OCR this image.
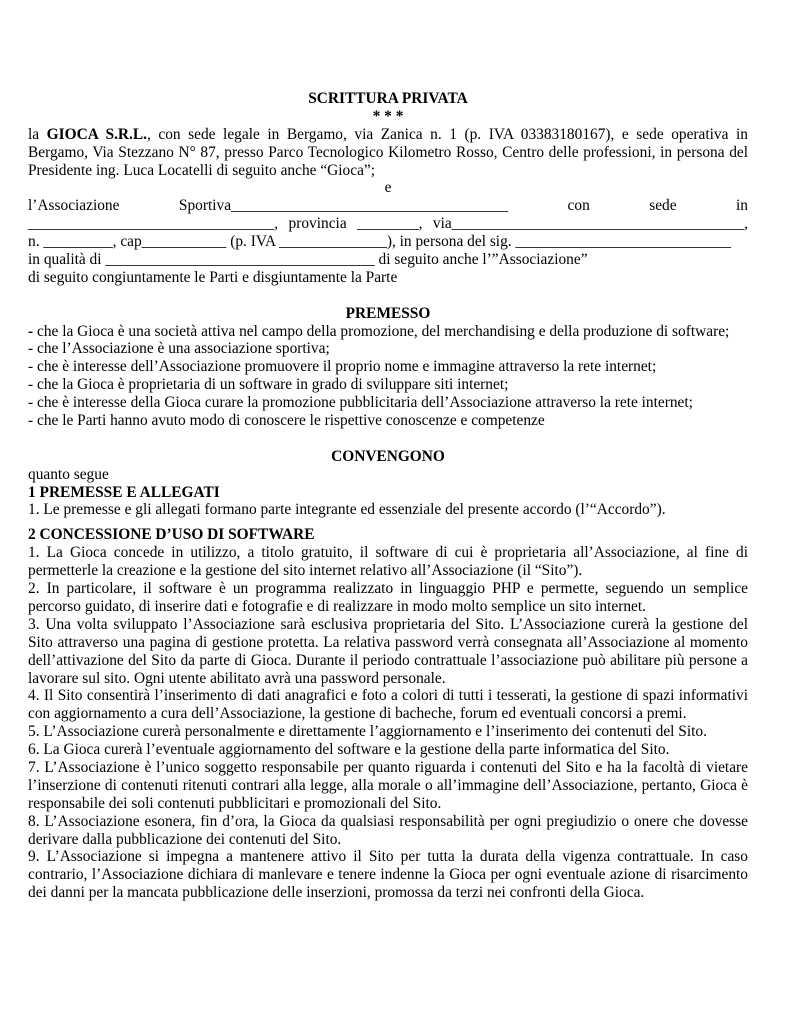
SCRITTURA PRIVATA
* * *
la GIOCA S.R.L., con sede legale in Bergamo, via Zanica n. 1 (p. IVA 03383180167), e sede operativa in
Bergamo, Via Stezzano N° 87, presso Parco Tecnologico Kilometro Rosso, Centro delle professioni, in persona del
Presidente ing. Luca Locatelli di seguito anche “Gioca”;
e
l’Associazione Sportiva____________________________________ con sede in
________________________________, provincia ________, via______________________________________,
n. _________, cap___________ (p. IVA ______________), in persona del sig. ____________________________
in qualità di ___________________________________ di seguito anche l’”Associazione”
di seguito congiuntamente le Parti e disgiuntamente la Parte
PREMESSO
- che la Gioca è una società attiva nel campo della promozione, del merchandising e della produzione di software;
- che l’Associazione è una associazione sportiva;
- che è interesse dell’Associazione promuovere il proprio nome e immagine attraverso la rete internet;
- che la Gioca è proprietaria di un software in grado di sviluppare siti internet;
- che è interesse della Gioca curare la promozione pubblicitaria dell’Associazione attraverso la rete internet;
- che le Parti hanno avuto modo di conoscere le rispettive conoscenze e competenze
CONVENGONO
quanto segue
1 PREMESSE E ALLEGATI
1. Le premesse e gli allegati formano parte integrante ed essenziale del presente accordo (l’“Accordo”).
2 CONCESSIONE D’USO DI SOFTWARE
1. La Gioca concede in utilizzo, a titolo gratuito, il software di cui è proprietaria all’Associazione, al fine di
permetterle la creazione e la gestione del sito internet relativo all’Associazione (il “Sito”).
2. In particolare, il software è un programma realizzato in linguaggio PHP e permette, seguendo un semplice
percorso guidato, di inserire dati e fotografie e di realizzare in modo molto semplice un sito internet.
3. Una volta sviluppato l’Associazione sarà esclusiva proprietaria del Sito. L’Associazione curerà la gestione del
Sito attraverso una pagina di gestione protetta. La relativa password verrà consegnata all’Associazione al momento
dell’attivazione del Sito da parte di Gioca. Durante il periodo contrattuale l’associazione può abilitare più persone a
lavorare sul sito. Ogni utente abilitato avrà una password personale.
4. Il Sito consentirà l’inserimento di dati anagrafici e foto a colori di tutti i tesserati, la gestione di spazi informativi
con aggiornamento a cura dell’Associazione, la gestione di bacheche, forum ed eventuali concorsi a premi.
5. L’Associazione curerà personalmente e direttamente l’aggiornamento e l’inserimento dei contenuti del Sito.
6. La Gioca curerà l’eventuale aggiornamento del software e la gestione della parte informatica del Sito.
7. L’Associazione è l’unico soggetto responsabile per quanto riguarda i contenuti del Sito e ha la facoltà di vietare
l’inserzione di contenuti ritenuti contrari alla legge, alla morale o all’immagine dell’Associazione, pertanto, Gioca è
responsabile dei soli contenuti pubblicitari e promozionali del Sito.
8. L’Associazione esonera, fin d’ora, la Gioca da qualsiasi responsabilità per ogni pregiudizio o onere che dovesse
derivare dalla pubblicazione dei contenuti del Sito.
9. L’Associazione si impegna a mantenere attivo il Sito per tutta la durata della vigenza contrattuale. In caso
contrario, l’Associazione dichiara di manlevare e tenere indenne la Gioca per ogni eventuale azione di risarcimento
dei danni per la mancata pubblicazione delle inserzioni, promossa da terzi nei confronti della Gioca.
